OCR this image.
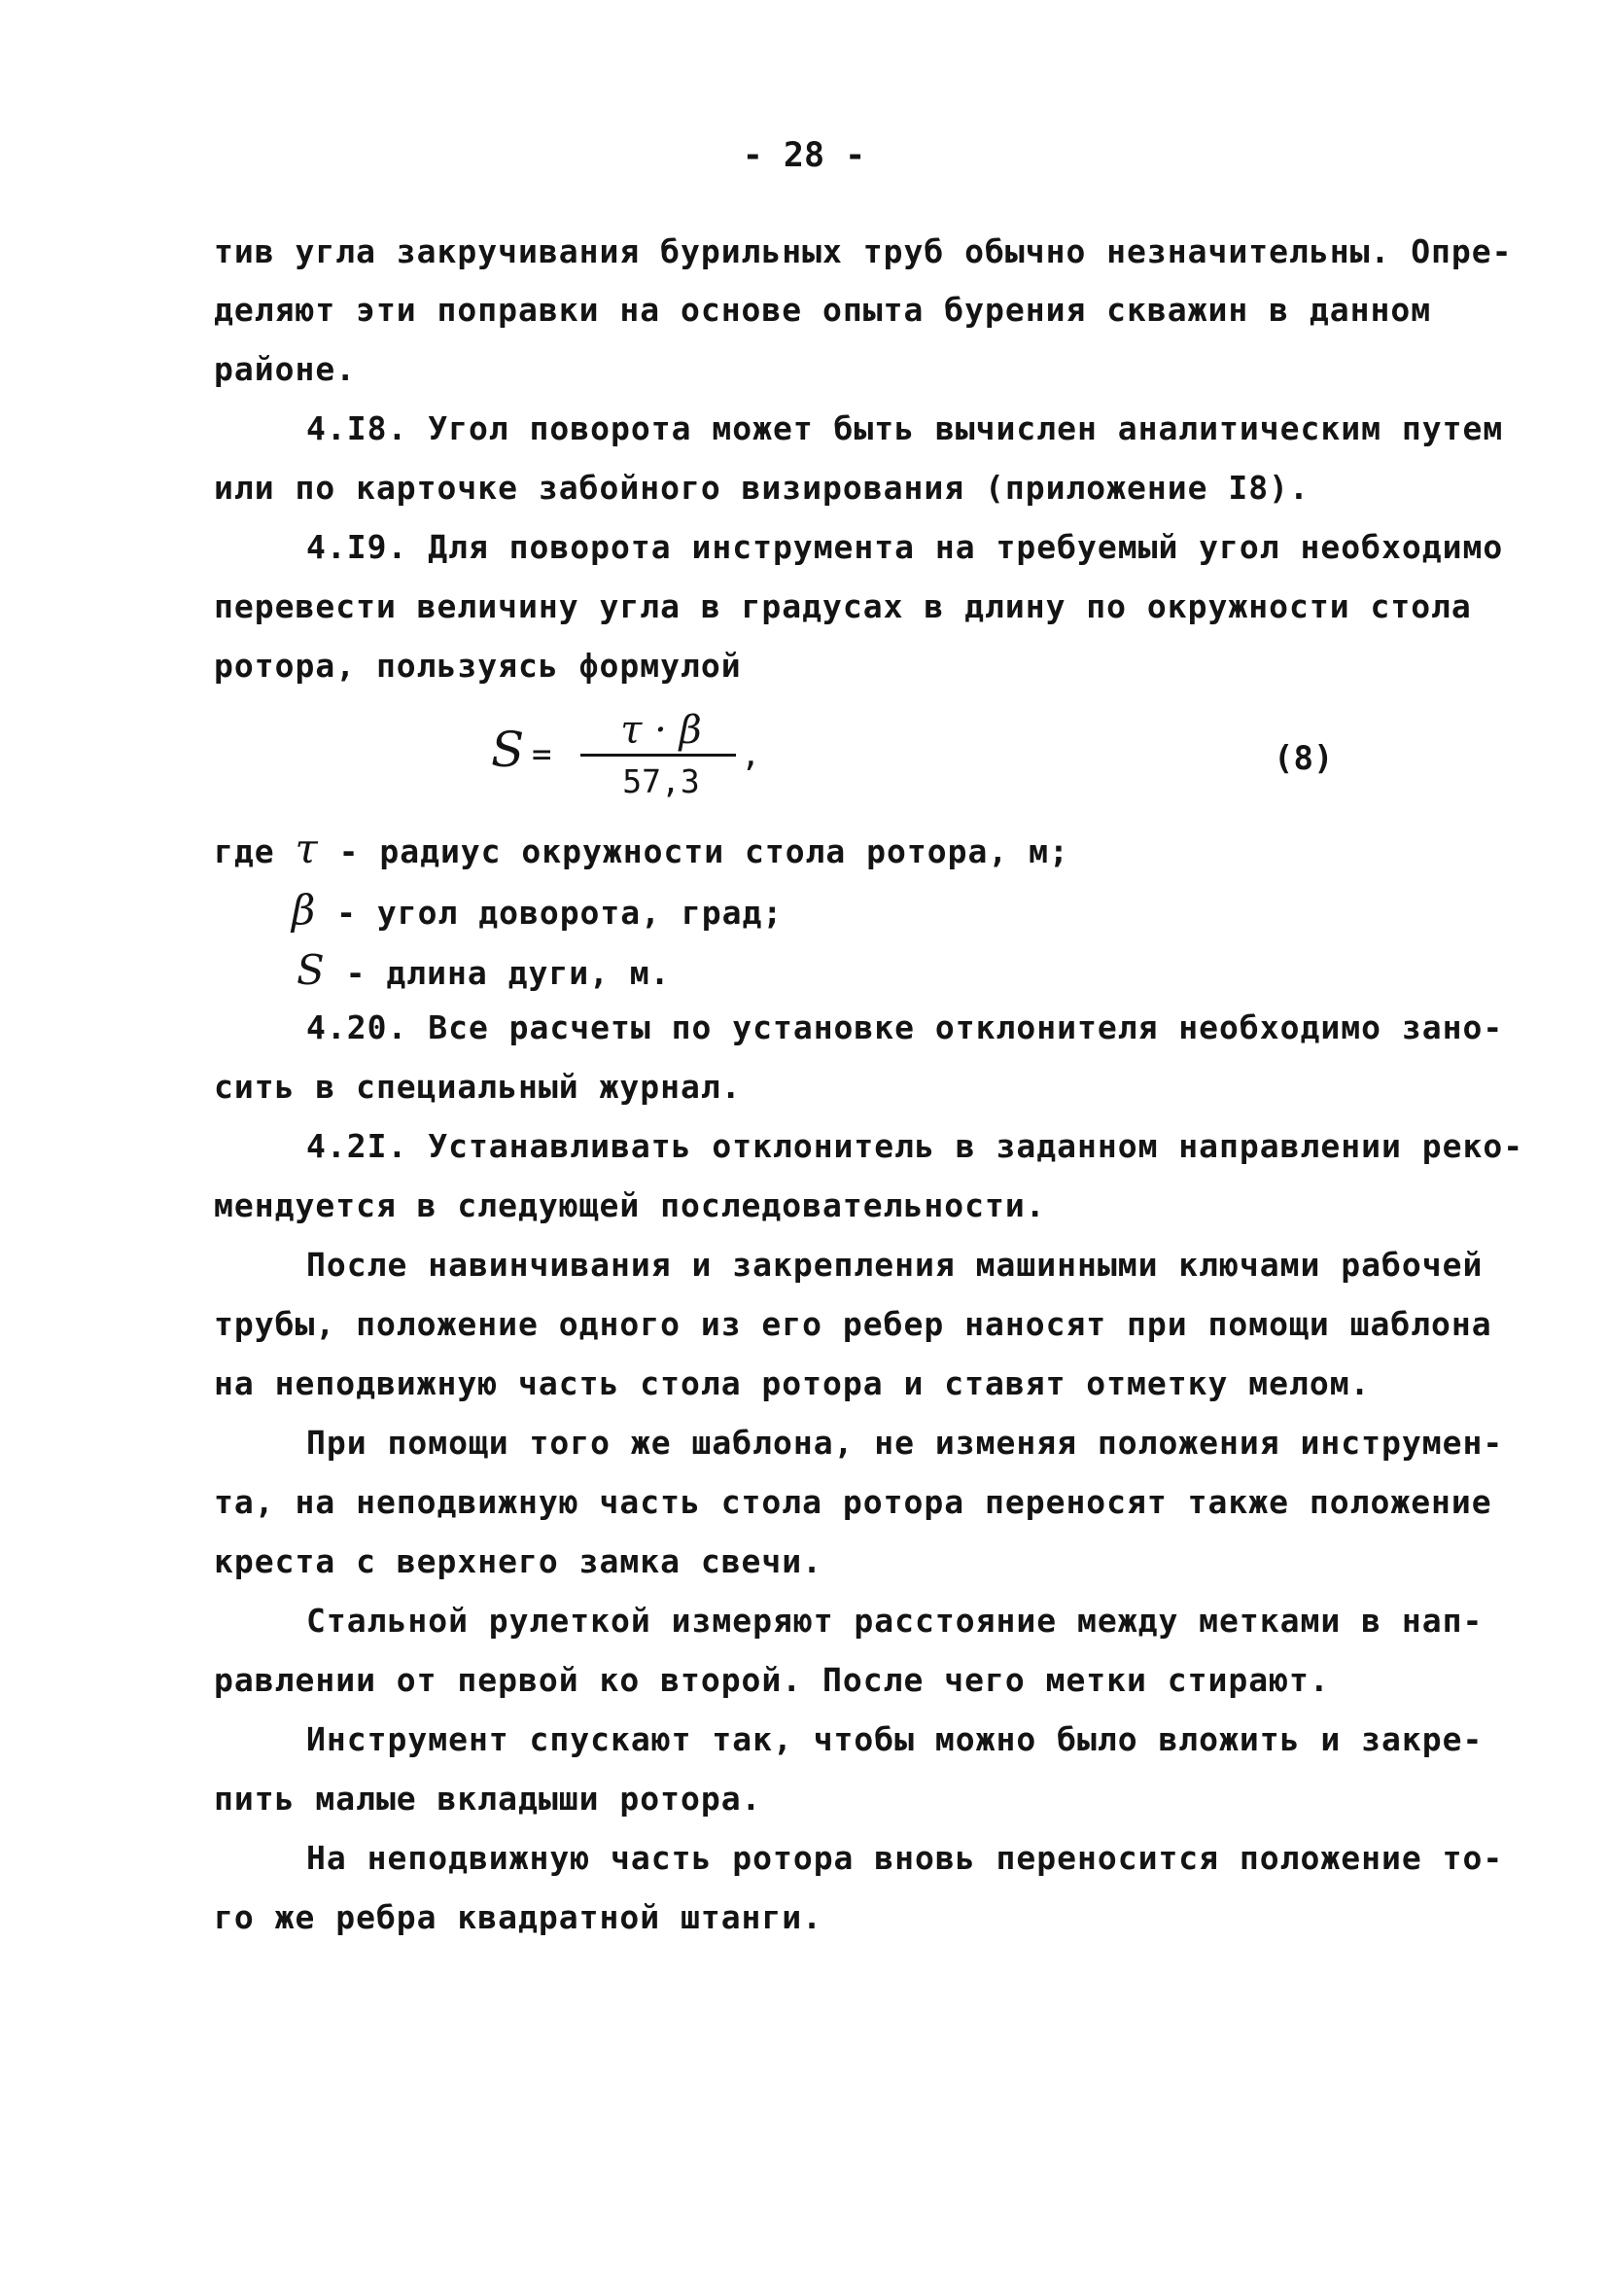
- 28 -
тив угла закручивания бурильных труб обычно незначительны. Опре-
деляют эти поправки на основе опыта бурения скважин в данном
районе.
4.I8. Угол поворота может быть вычислен аналитическим путем
или по карточке забойного визирования (приложение I8).
4.I9. Для поворота инструмента на требуемый угол необходимо
перевести величину угла в градусах в длину по окружности стола
ротора, пользуясь формулой
S =
𝜏 · β
57,3
,	(8)
где 𝜏 - радиус окружности стола ротора, м;
β - угол доворота, град;
S - длина дуги, м.
4.20. Все расчеты по установке отклонителя необходимо зано-
сить в специальный журнал.
4.2I. Устанавливать отклонитель в заданном направлении реко-
мендуется в следующей последовательности.
После навинчивания и закрепления машинными ключами рабочей
трубы, положение одного из его ребер наносят при помощи шаблона
на неподвижную часть стола ротора и ставят отметку мелом.
При помощи того же шаблона, не изменяя положения инструмен-
та, на неподвижную часть стола ротора переносят также положение
креста с верхнего замка свечи.
Стальной рулеткой измеряют расстояние между метками в нап-
равлении от первой ко второй. После чего метки стирают.
Инструмент спускают так, чтобы можно было вложить и закре-
пить малые вкладыши ротора.
На неподвижную часть ротора вновь переносится положение то-
го же ребра квадратной штанги.
